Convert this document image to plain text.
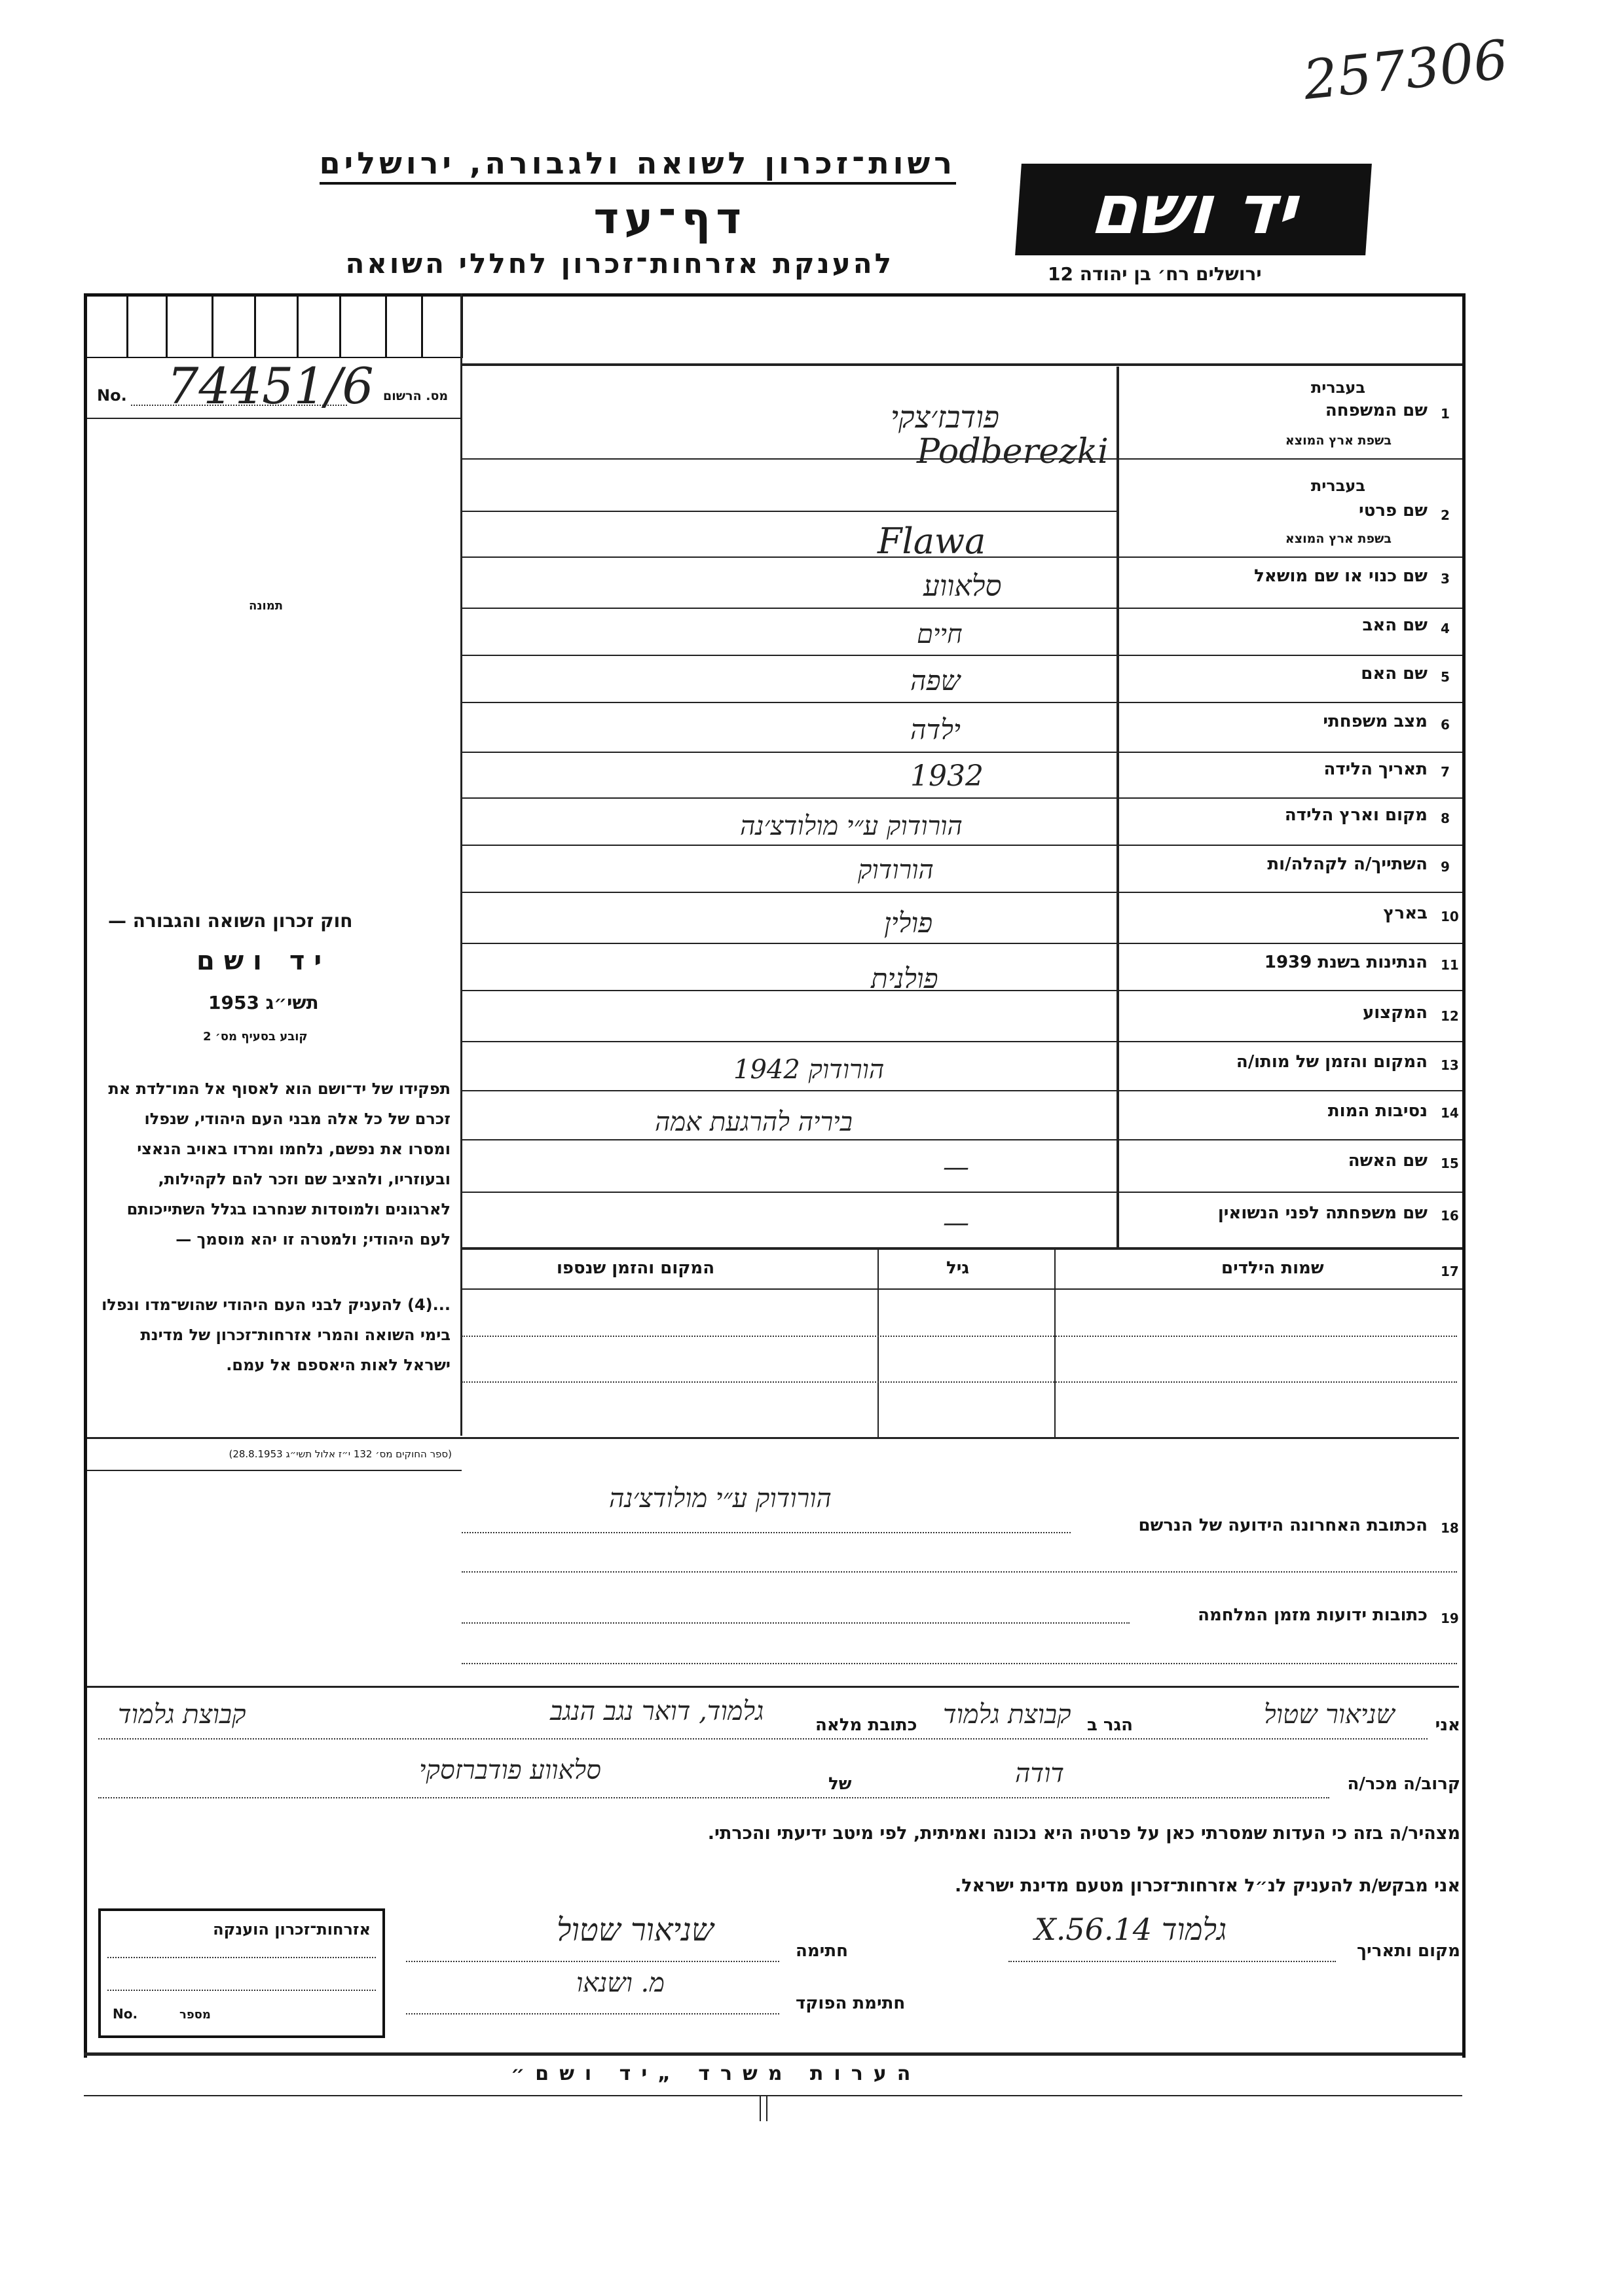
257306
רשות־זכרון לשואה ולגבורה, ירושלים
דף־עד
להענקת אזרחות־זכרון לחללי השואה
יד ושם
ירושלים רח׳ בן יהודה 12
No. 74451/6 מס. הרשום
תמונה
חוק זכרון השואה והגבורה —
יד ושם
תשי״ג 1953
קובע בסעיף מס׳ 2
תפקידו של יד־ושם הוא לאסוף אל המו־לדת את זכרם של כל אלה מבני העם היהודי, שנפלו ומסרו את נפשם, נלחמו ומרדו באויב הנאצי ובעוזריו, ולהציב שם וזכר להם לקהילות, לארגונים ולמוסדות שנחרבו בגלל השתייכותם לעם היהודי; ולמטרה זו יהא מוסמך —
...(4) להעניק לבני העם היהודי שהוש־מדו ונפלו בימי השואה והמרי אזרחות־זכרון של מדינת ישראל לאות היאספם אל עמם.
(ספר החוקים מס׳ 132 י״ז אלול תשי״ג 28.8.1953)
1
שם המשפחה
בעברית
בשפת ארץ המוצא
פודבז׳צקי
Podberezki
2
שם פרטי
בעברית
בשפת ארץ המוצא
Flawa
3
שם כנוי או שם מושאל
סלאווע
4
שם האב
חיים
5
שם האם
שפה
6
מצב משפחתי
ילדה
7
תאריך הלידה
1932
8
מקום וארץ הלידה
הורודוק ע״י מולודצ׳נה
9
השתייך/ה לקהלה/ות
הורודוק
10
בארץ
פולין
11
הנתינות בשנת 1939
פולנית
12
המקצוע
13
המקום והזמן של מותו/ה
הורודוק 1942
14
נסיבות המות
ביריה להרגעת אמה
15
שם האשה
—
16
שם משפחתה לפני הנשואין
—
17
שמות הילדים
גיל
המקום והזמן שנספו
18
הכתובת האחרונה הידועה של הנרשם
הורודוק ע״י מולודצ׳נה
19
כתובות ידועות מזמן המלחמה
אני
שניאור שטול
הגר ב
קבוצת גלמוד
כתובת מלאה
גלמוד, דואר נגב הנגב
קבוצת גלמוד
קרוב/ה מכר/ה
דודה
של
סלאווע פודברזסקי
מצהיר/ה בזה כי העדות שמסרתי כאן על פרטיה היא נכונה ואמיתית, לפי מיטב ידיעתי והכרתי.
אני מבקש/ת להעניק לנ״ל אזרחות־זכרון מטעם מדינת ישראל.
אזרחות־זכרון הוענקה
No.	מספר
מקום ותאריך
גלמוד 14.X.56
חתימה
שניאור שטול
חתימת הפוקד
מ. ושנאו
הערות משרד „יד ושם״
